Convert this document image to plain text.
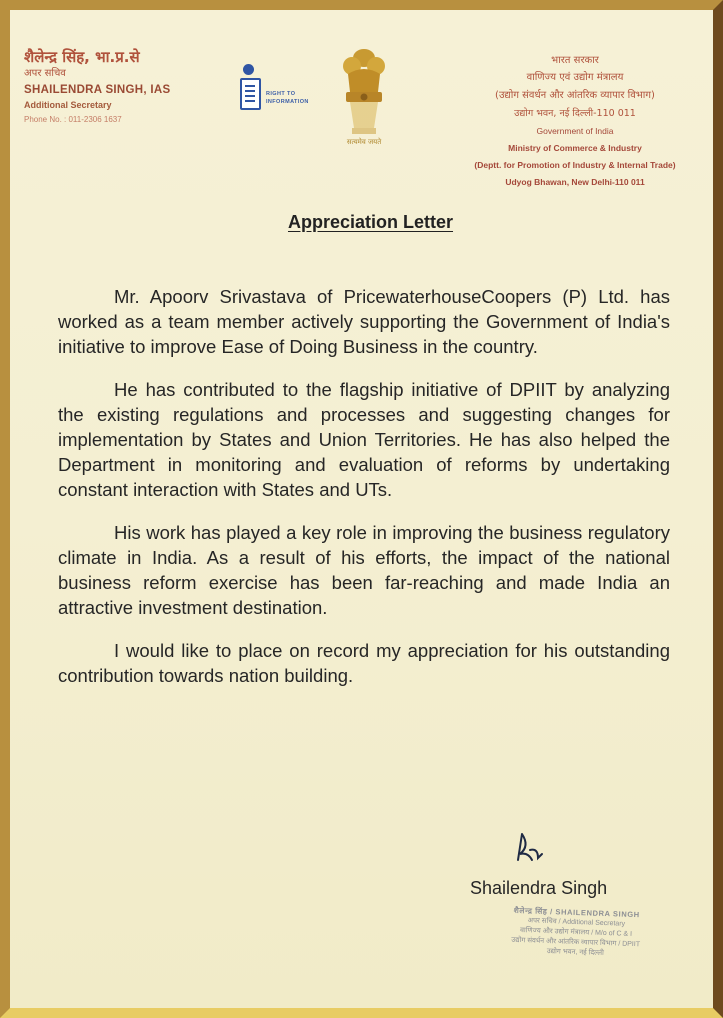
शैलेन्द्र सिंह, भा.प्र.से
अपर सचिव
SHAILENDRA SINGH, IAS
Additional Secretary
Phone No. : 011-2306 1637
RIGHT TO
INFORMATION
सत्यमेव जयते
भारत सरकार
वाणिज्य एवं उद्योग मंत्रालय
(उद्योग संवर्धन और आंतरिक व्यापार विभाग)
उद्योग भवन, नई दिल्ली-110 011
Government of India
Ministry of Commerce & Industry
(Deptt. for Promotion of Industry & Internal Trade)
Udyog Bhawan, New Delhi-110 011
Appreciation Letter

Mr. Apoorv Srivastava of PricewaterhouseCoopers (P) Ltd. has worked as a team member actively supporting the Government of India's initiative to improve Ease of Doing Business in the country.

He has contributed to the flagship initiative of DPIIT by analyzing the existing regulations and processes and suggesting changes for implementation by States and Union Territories. He has also helped the Department in monitoring and evaluation of reforms by undertaking constant interaction with States and UTs.

His work has played a key role in improving the business regulatory climate in India. As a result of his efforts, the impact of the national business reform exercise has been far-reaching and made India an attractive investment destination.

I would like to place on record my appreciation for his outstanding contribution towards nation building.

Shailendra Singh
शैलेन्द्र सिंह / SHAILENDRA SINGH
अपर सचिव / Additional Secretary
वाणिज्य और उद्योग मंत्रालय / M/o of C & I
उद्योग संवर्धन और आंतरिक व्यापार विभाग / DPIIT
उद्योग भवन, नई दिल्ली
